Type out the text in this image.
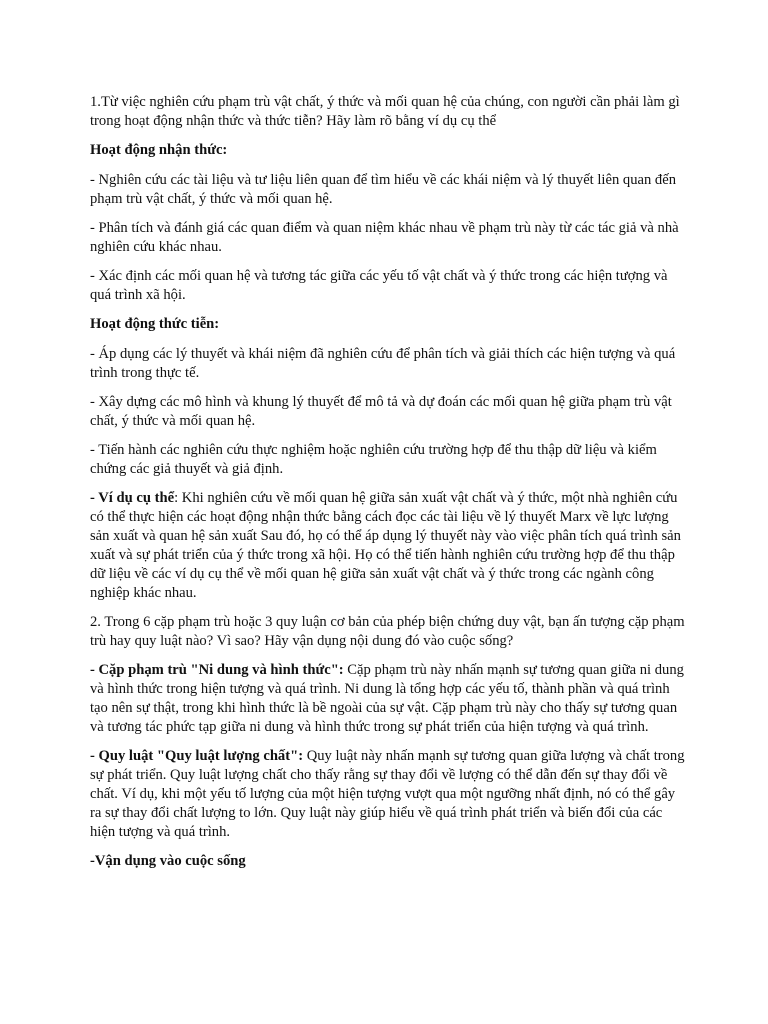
1.Từ việc nghiên cứu phạm trù vật chất, ý thức và mối quan hệ của chúng, con người cần phải làm gì trong hoạt động nhận thức và thức tiễn? Hãy làm rõ bằng ví dụ cụ thể

Hoạt động nhận thức:

- Nghiên cứu các tài liệu và tư liệu liên quan để tìm hiểu về các khái niệm và lý thuyết liên quan đến phạm trù vật chất, ý thức và mối quan hệ.

- Phân tích và đánh giá các quan điểm và quan niệm khác nhau về phạm trù này từ các tác giả và nhà nghiên cứu khác nhau.

- Xác định các mối quan hệ và tương tác giữa các yếu tố vật chất và ý thức trong các hiện tượng và quá trình xã hội.

Hoạt động thức tiễn:

- Áp dụng các lý thuyết và khái niệm đã nghiên cứu để phân tích và giải thích các hiện tượng và quá trình trong thực tế.

- Xây dựng các mô hình và khung lý thuyết để mô tả và dự đoán các mối quan hệ giữa phạm trù vật chất, ý thức và mối quan hệ.

- Tiến hành các nghiên cứu thực nghiệm hoặc nghiên cứu trường hợp để thu thập dữ liệu và kiểm chứng các giả thuyết và giả định.

- Ví dụ cụ thể: Khi nghiên cứu về mối quan hệ giữa sản xuất vật chất và ý thức, một nhà nghiên cứu có thể thực hiện các hoạt động nhận thức bằng cách đọc các tài liệu về lý thuyết Marx về lực lượng sản xuất và quan hệ sản xuất Sau đó, họ có thể áp dụng lý thuyết này vào việc phân tích quá trình sản xuất và sự phát triển của ý thức trong xã hội. Họ có thể tiến hành nghiên cứu trường hợp để thu thập dữ liệu về các ví dụ cụ thể về mối quan hệ giữa sản xuất vật chất và ý thức trong các ngành công nghiệp khác nhau.

2. Trong 6 cặp phạm trù hoặc 3 quy luận cơ bản của phép biện chứng duy vật, bạn ấn tượng cặp phạm trù hay quy luật nào? Vì sao? Hãy vận dụng nội dung đó vào cuộc sống?

- Cặp phạm trù "Ni dung và hình thức": Cặp phạm trù này nhấn mạnh sự tương quan giữa ni dung và hình thức trong hiện tượng và quá trình. Ni dung là tổng hợp các yếu tố, thành phần và quá trình tạo nên sự thật, trong khi hình thức là bề ngoài của sự vật. Cặp phạm trù này cho thấy sự tương quan và tương tác phức tạp giữa ni dung và hình thức trong sự phát triển của hiện tượng và quá trình.

- Quy luật "Quy luật lượng chất": Quy luật này nhấn mạnh sự tương quan giữa lượng và chất trong sự phát triển. Quy luật lượng chất cho thấy rằng sự thay đổi về lượng có thể dẫn đến sự thay đổi về chất. Ví dụ, khi một yếu tố lượng của một hiện tượng vượt qua một ngưỡng nhất định, nó có thể gây ra sự thay đổi chất lượng to lớn. Quy luật này giúp hiểu về quá trình phát triển và biến đổi của các hiện tượng và quá trình.

-Vận dụng vào cuộc sống
